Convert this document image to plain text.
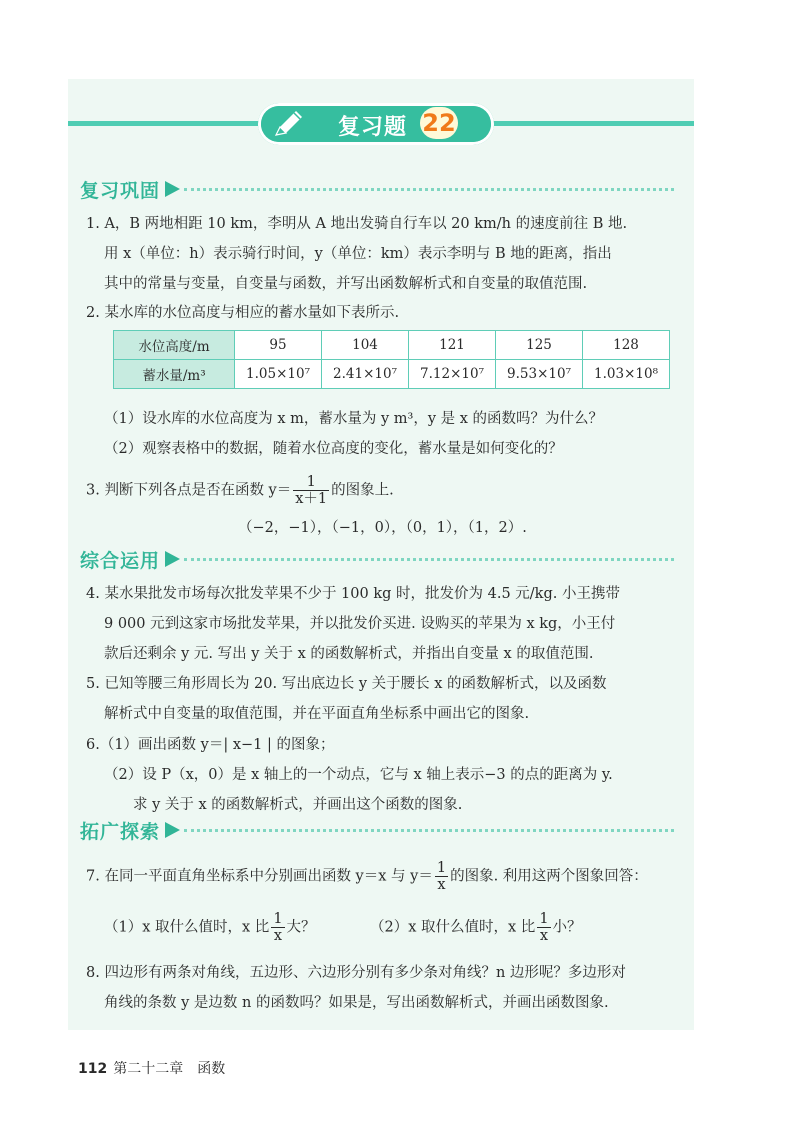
复习题 22
复习巩固
1. A，B 两地相距 10 km，李明从 A 地出发骑自行车以 20 km/h 的速度前往 B 地.
用 x（单位：h）表示骑行时间，y（单位：km）表示李明与 B 地的距离，指出
其中的常量与变量，自变量与函数，并写出函数解析式和自变量的取值范围.
2. 某水库的水位高度与相应的蓄水量如下表所示.
水位高度/m	95	104	121	125	128
蓄水量/m³	1.05×10⁷	2.41×10⁷	7.12×10⁷	9.53×10⁷	1.03×10⁸
（1）设水库的水位高度为 x m，蓄水量为 y m³，y 是 x 的函数吗？为什么？
（2）观察表格中的数据，随着水位高度的变化，蓄水量是如何变化的？
3. 判断下列各点是否在函数 $y= \frac{1}{x+1}$ 的图象上.
（−2，−1），（−1，0），（0，1），（1，2）.
综合运用
4. 某水果批发市场每次批发苹果不少于 100 kg 时，批发价为 4.5 元/kg. 小王携带
9 000 元到这家市场批发苹果，并以批发价买进. 设购买的苹果为 x kg，小王付
款后还剩余 y 元. 写出 y 关于 x 的函数解析式，并指出自变量 x 的取值范围.
5. 已知等腰三角形周长为 20. 写出底边长 y 关于腰长 x 的函数解析式，以及函数
解析式中自变量的取值范围，并在平面直角坐标系中画出它的图象.
6.（1）画出函数 y＝| x−1 | 的图象；
（2）设 P（x，0）是 x 轴上的一个动点，它与 x 轴上表示−3 的点的距离为 y.
求 y 关于 x 的函数解析式，并画出这个函数的图象.
拓广探索
7. 在同一平面直角坐标系中分别画出函数 y＝x 与 $y= \frac{1}{x}$ 的图象. 利用这两个图象回答：
（1）x 取什么值时，x 比 $\frac{1}{x}$ 大？	（2）x 取什么值时，x 比 $\frac{1}{x}$ 小？
8. 四边形有两条对角线，五边形、六边形分别有多少条对角线？n 边形呢？多边形对
角线的条数 y 是边数 n 的函数吗？如果是，写出函数解析式，并画出函数图象.
112 第二十二章　函数
